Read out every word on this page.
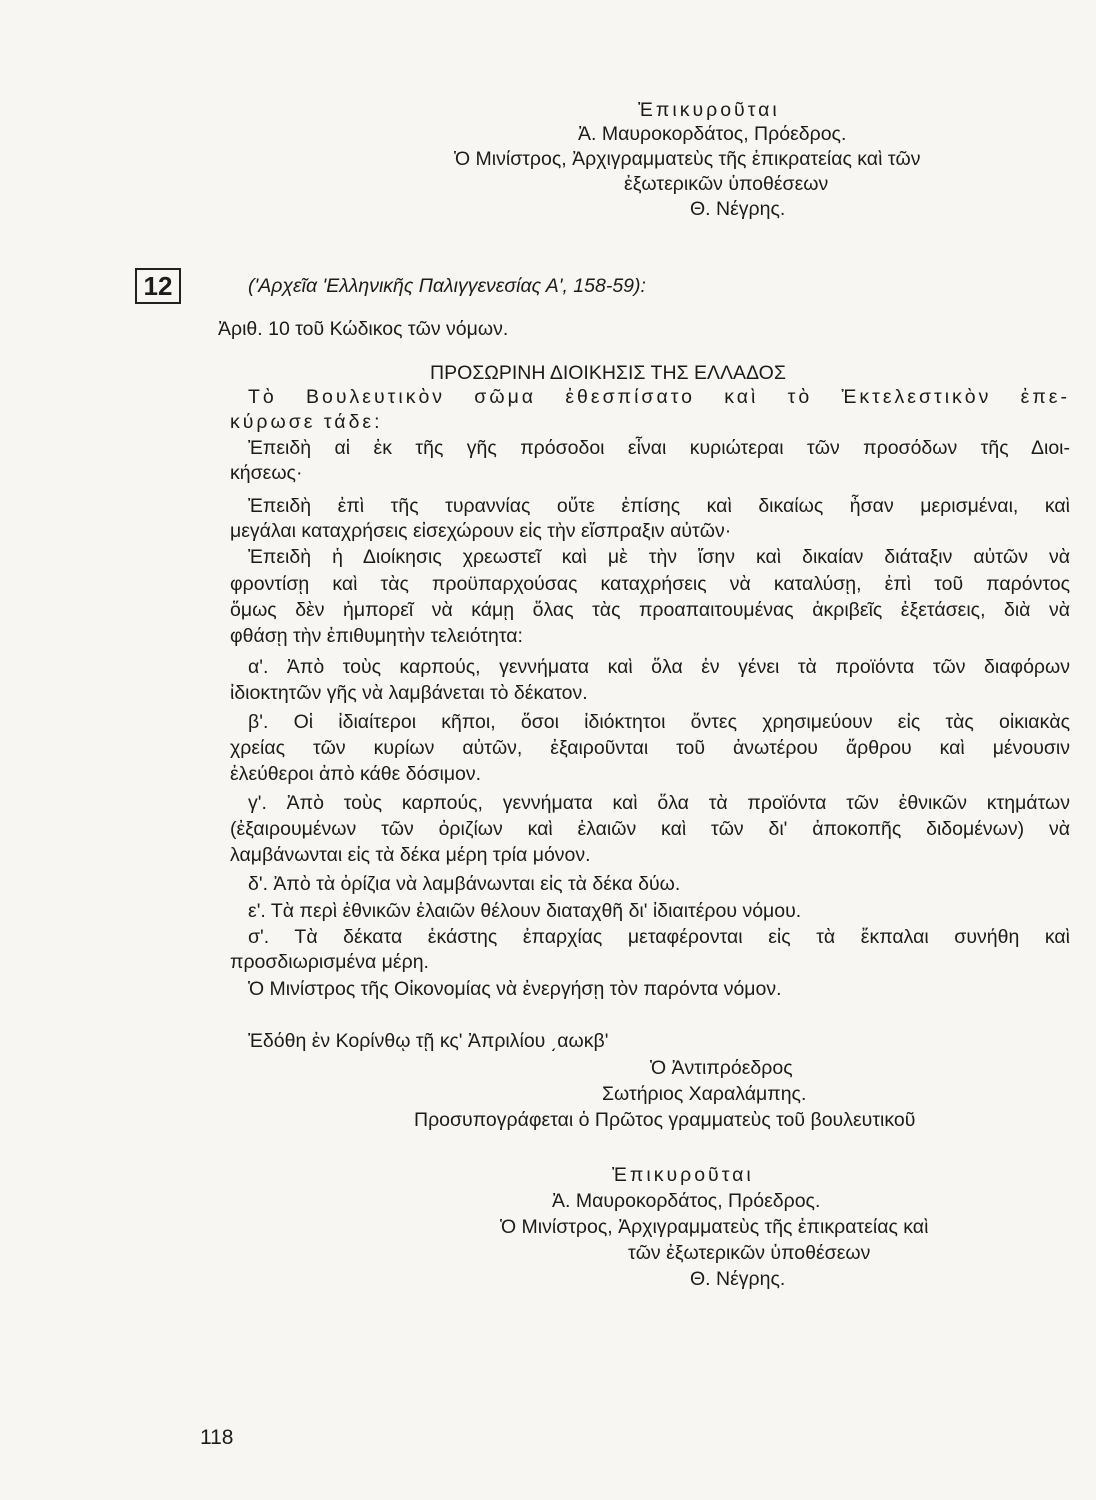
Ἐπικυροῦται
Ἀ. Μαυροκορδάτος, Πρόεδρος.
Ὁ Μινίστρος, Ἀρχιγραμματεὺς τῆς ἐπικρατείας καὶ τῶν
ἐξωτερικῶν ὑποθέσεων
Θ. Νέγρης.
12	('Αρχεῖα 'Ελληνικῆς Παλιγγενεσίας Α', 158-59):
Ἀριθ. 10 τοῦ Κώδικος τῶν νόμων.
ΠΡΟΣΩΡΙΝΗ ΔΙΟΙΚΗΣΙΣ ΤΗΣ ΕΛΛΑΔΟΣ
Τὸ Βουλευτικὸν σῶμα ἐθεσπίσατο καὶ τὸ Ἐκτελεστικὸν ἐπε-
κύρωσε τάδε:
Ἐπειδὴ αἱ ἐκ τῆς γῆς πρόσοδοι εἶναι κυριώτεραι τῶν προσόδων τῆς Διοι-
κήσεως·
Ἐπειδὴ ἐπὶ τῆς τυραννίας οὔτε ἐπίσης καὶ δικαίως ἦσαν μερισμέναι, καὶ
μεγάλαι καταχρήσεις εἰσεχώρουν εἰς τὴν εἴσπραξιν αὐτῶν·
Ἐπειδὴ ἡ Διοίκησις χρεωστεῖ καὶ μὲ τὴν ἴσην καὶ δικαίαν διάταξιν αὐτῶν νὰ
φροντίσῃ καὶ τὰς προϋπαρχούσας καταχρήσεις νὰ καταλύσῃ, ἐπὶ τοῦ παρόντος
ὅμως δὲν ἠμπορεῖ νὰ κάμῃ ὅλας τὰς προαπαιτουμένας ἀκριβεῖς ἐξετάσεις, διὰ νὰ
φθάσῃ τὴν ἐπιθυμητὴν τελειότητα:
α'. Ἀπὸ τοὺς καρπούς, γεννήματα καὶ ὅλα ἐν γένει τὰ προϊόντα τῶν διαφόρων
ἰδιοκτητῶν γῆς νὰ λαμβάνεται τὸ δέκατον.
β'. Οἱ ἰδιαίτεροι κῆποι, ὅσοι ἰδιόκτητοι ὄντες χρησιμεύουν εἰς τὰς οἰκιακὰς
χρείας τῶν κυρίων αὐτῶν, ἐξαιροῦνται τοῦ ἀνωτέρου ἄρθρου καὶ μένουσιν
ἐλεύθεροι ἀπὸ κάθε δόσιμον.
γ'. Ἀπὸ τοὺς καρπούς, γεννήματα καὶ ὅλα τὰ προϊόντα τῶν ἐθνικῶν κτημάτων
(ἐξαιρουμένων τῶν ὀριζίων καὶ ἐλαιῶν καὶ τῶν δι' ἀποκοπῆς διδομένων) νὰ
λαμβάνωνται εἰς τὰ δέκα μέρη τρία μόνον.
δ'. Ἀπὸ τὰ ὀρίζια νὰ λαμβάνωνται εἰς τὰ δέκα δύω.
ε'. Τὰ περὶ ἐθνικῶν ἐλαιῶν θέλουν διαταχθῆ δι' ἰδιαιτέρου νόμου.
σ'. Τὰ δέκατα ἑκάστης ἐπαρχίας μεταφέρονται εἰς τὰ ἔκπαλαι συνήθη καὶ
προσδιωρισμένα μέρη.
Ὁ Μινίστρος τῆς Οἰκονομίας νὰ ἐνεργήσῃ τὸν παρόντα νόμον.
Ἐδόθη ἐν Κορίνθῳ τῇ κς' Ἀπριλίου ͵αωκβ'
Ὁ Ἀντιπρόεδρος
Σωτήριος Χαραλάμπης.
Προσυπογράφεται ὁ Πρῶτος γραμματεὺς τοῦ βουλευτικοῦ
Ἐπικυροῦται
Ἀ. Μαυροκορδάτος, Πρόεδρος.
Ὁ Μινίστρος, Ἀρχιγραμματεὺς τῆς ἐπικρατείας καὶ
τῶν ἐξωτερικῶν ὑποθέσεων
Θ. Νέγρης.
118
